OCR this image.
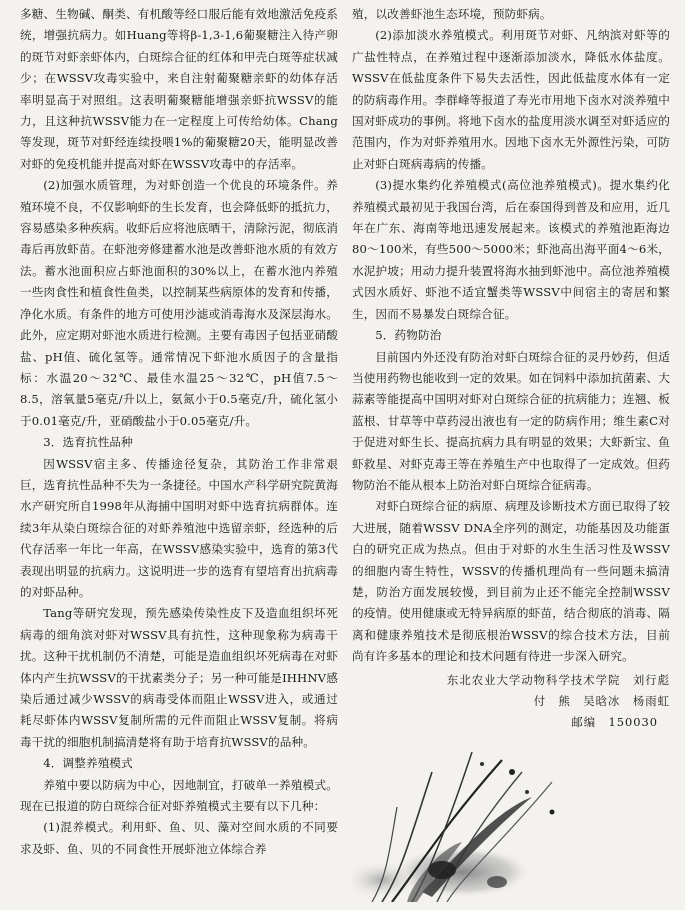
多糖、生物碱、酮类、有机酸等经口服后能有效地激活免疫系统，增强抗病力。如Huang等将β-1,3-1,6葡聚糖注入待产卵的斑节对虾亲虾体内，白斑综合征的红体和甲壳白斑等症状减少；在WSSV攻毒实验中，来自注射葡聚糖亲虾的幼体存活率明显高于对照组。这表明葡聚糖能增强亲虾抗WSSV的能力，且这种抗WSSV能力在一定程度上可传给幼体。Chang等发现，斑节对虾经连续投喂1%的葡聚糖20天，能明显改善对虾的免疫机能并提高对虾在WSSV攻毒中的存活率。

(2)加强水质管理，为对虾创造一个优良的环境条件。养殖环境不良，不仅影响虾的生长发育，也会降低虾的抵抗力，容易感染多种疾病。收虾后应将池底晒干，清除污泥，彻底消毒后再放虾苗。在虾池旁修建蓄水池是改善虾池水质的有效方法。蓄水池面积应占虾池面积的30%以上，在蓄水池内养殖一些肉食性和植食性鱼类，以控制某些病原体的发育和传播，净化水质。有条件的地方可使用沙滤或消毒海水及深层海水。此外，应定期对虾池水质进行检测。主要有毒因子包括亚硝酸盐、pH值、硫化氢等。通常情况下虾池水质因子的含量指标：水温20～32℃、最佳水温25～32℃，pH值7.5～8.5，溶氧量5毫克/升以上，氨氮小于0.5毫克/升，硫化氢小于0.01毫克/升，亚硝酸盐小于0.05毫克/升。

3．选育抗性品种

因WSSV宿主多、传播途径复杂，其防治工作非常艰巨，选育抗性品种不失为一条捷径。中国水产科学研究院黄海水产研究所自1998年从海捕中国明对虾中选育抗病群体。连续3年从染白斑综合征的对虾养殖池中选留亲虾，经选种的后代存活率一年比一年高，在WSSV感染实验中，选育的第3代表现出明显的抗病力。这说明进一步的选育有望培育出抗病毒的对虾品种。

Tang等研究发现，预先感染传染性皮下及造血组织坏死病毒的细角滨对虾对WSSV具有抗性，这种现象称为病毒干扰。这种干扰机制仍不清楚，可能是造血组织坏死病毒在对虾体内产生抗WSSV的干扰素类分子；另一种可能是IHHNV感染后通过减少WSSV的病毒受体而阻止WSSV进入，或通过耗尽虾体内WSSV复制所需的元件而阻止WSSV复制。将病毒干扰的细胞机制搞清楚将有助于培育抗WSSV的品种。

4．调整养殖模式

养殖中要以防病为中心，因地制宜，打破单一养殖模式。现在已报道的防白斑综合征对虾养殖模式主要有以下几种：

(1)混养模式。利用虾、鱼、贝、藻对空间水质的不同要求及虾、鱼、贝的不同食性开展虾池立体综合养

殖，以改善虾池生态环境，预防虾病。

(2)添加淡水养殖模式。利用斑节对虾、凡纳滨对虾等的广盐性特点，在养殖过程中逐渐添加淡水，降低水体盐度。WSSV在低盐度条件下易失去活性，因此低盐度水体有一定的防病毒作用。李群峰等报道了寿光市用地下卤水对淡养殖中国对虾成功的事例。将地下卤水的盐度用淡水调至对虾适应的范围内，作为对虾养殖用水。因地下卤水无外源性污染，可防止对虾白斑病毒病的传播。

(3)提水集约化养殖模式(高位池养殖模式)。提水集约化养殖模式最初见于我国台湾，后在泰国得到普及和应用，近几年在广东、海南等地迅速发展起来。该模式的养殖池距海边80～100米，有些500～5000米；虾池高出海平面4～6米，水泥护坡；用动力提升装置将海水抽到虾池中。高位池养殖模式因水质好、虾池不适宜蟹类等WSSV中间宿主的寄居和繁生，因而不易暴发白斑综合征。

5．药物防治

目前国内外还没有防治对虾白斑综合征的灵丹妙药，但适当使用药物也能收到一定的效果。如在饲料中添加抗菌素、大蒜素等能提高中国明对虾对白斑综合征的抗病能力；连翘、板蓝根、甘草等中草药浸出液也有一定的防病作用；维生素C对于促进对虾生长、提高抗病力具有明显的效果；大虾新宝、鱼虾救星、对虾克毒王等在养殖生产中也取得了一定成效。但药物防治不能从根本上防治对虾白斑综合征病毒。

对虾白斑综合征的病原、病理及诊断技术方面已取得了较大进展，随着WSSV DNA全序列的测定，功能基因及功能蛋白的研究正成为热点。但由于对虾的水生生活习性及WSSV的细胞内寄生特性，WSSV的传播机理尚有一些问题未搞清楚，防治方面发展较慢，到目前为止还不能完全控制WSSV的疫情。使用健康或无特异病原的虾苗，结合彻底的消毒、隔离和健康养殖技术是彻底根治WSSV的综合技术方法，目前尚有许多基本的理论和技术问题有待进一步深入研究。

东北农业大学动物科学技术学院　 刘行彪
付　熊　吴晗冰　杨雨虹
邮编　150030
